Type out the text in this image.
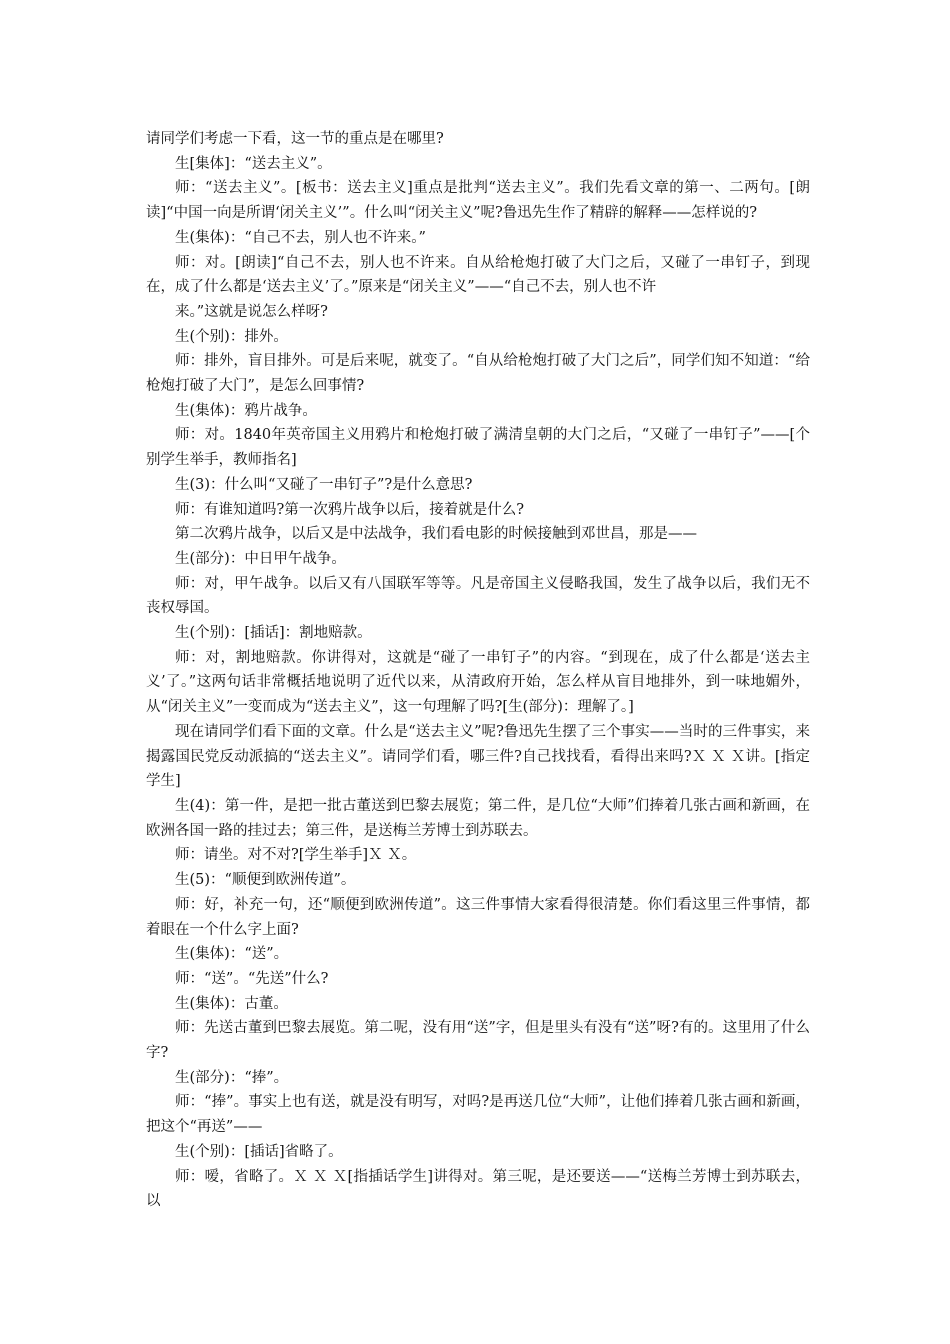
请同学们考虑一下看，这一节的重点是在哪里?

生[集体]：“送去主义”。

师：“送去主义”。[板书：送去主义]重点是批判“送去主义”。我们先看文章的第一、二两句。[朗读]“中国一向是所谓‘闭关主义’”。什么叫“闭关主义”呢?鲁迅先生作了精辟的解释——怎样说的?

生(集体)：“自己不去，别人也不许来。”

师：对。[朗读]“自己不去，别人也不许来。自从给枪炮打破了大门之后，又碰了一串钉子，到现在，成了什么都是‘送去主义’了。”原来是“闭关主义”——“自己不去，别人也不许

来。”这就是说怎么样呀?

生(个别)：排外。

师：排外，盲目排外。可是后来呢，就变了。“自从给枪炮打破了大门之后”，同学们知不知道：“给枪炮打破了大门”，是怎么回事情?

生(集体)：鸦片战争。

师：对。1840年英帝国主义用鸦片和枪炮打破了满清皇朝的大门之后，“又碰了一串钉子”——[个别学生举手，教师指名]

生(3)：什么叫“又碰了一串钉子”?是什么意思?

师：有谁知道吗?第一次鸦片战争以后，接着就是什么?

第二次鸦片战争，以后又是中法战争，我们看电影的时候接触到邓世昌，那是——

生(部分)：中日甲午战争。

师：对，甲午战争。以后又有八国联军等等。凡是帝国主义侵略我国，发生了战争以后，我们无不丧权辱国。

生(个别)：[插话]：割地赔款。

师：对，割地赔款。你讲得对，这就是“碰了一串钉子”的内容。“到现在，成了什么都是‘送去主义’了。”这两句话非常概括地说明了近代以来，从清政府开始，怎么样从盲目地排外，到一味地媚外，从“闭关主义”一变而成为“送去主义”，这一句理解了吗?[生(部分)：理解了。]

现在请同学们看下面的文章。什么是“送去主义”呢?鲁迅先生摆了三个事实——当时的三件事实，来揭露国民党反动派搞的“送去主义”。请同学们看，哪三件?自己找找看，看得出来吗?Ｘ Ｘ Ｘ讲。[指定学生]

生(4)：第一件，是把一批古董送到巴黎去展览；第二件，是几位“大师”们捧着几张古画和新画，在欧洲各国一路的挂过去；第三件，是送梅兰芳博士到苏联去。

师：请坐。对不对?[学生举手]Ｘ Ｘ。

生(5)：“顺便到欧洲传道”。

师：好，补充一句，还“顺便到欧洲传道”。这三件事情大家看得很清楚。你们看这里三件事情，都着眼在一个什么字上面?

生(集体)：“送”。

师：“送”。“先送”什么?

生(集体)：古董。

师：先送古董到巴黎去展览。第二呢，没有用“送”字，但是里头有没有“送”呀?有的。这里用了什么字?

生(部分)：“捧”。

师：“捧”。事实上也有送，就是没有明写，对吗?是再送几位“大师”，让他们捧着几张古画和新画，把这个“再送”——

生(个别)：[插话]省略了。

师：嗳，省略了。Ｘ Ｘ Ｘ[指插话学生]讲得对。第三呢，是还要送——“送梅兰芳博士到苏联去，以
